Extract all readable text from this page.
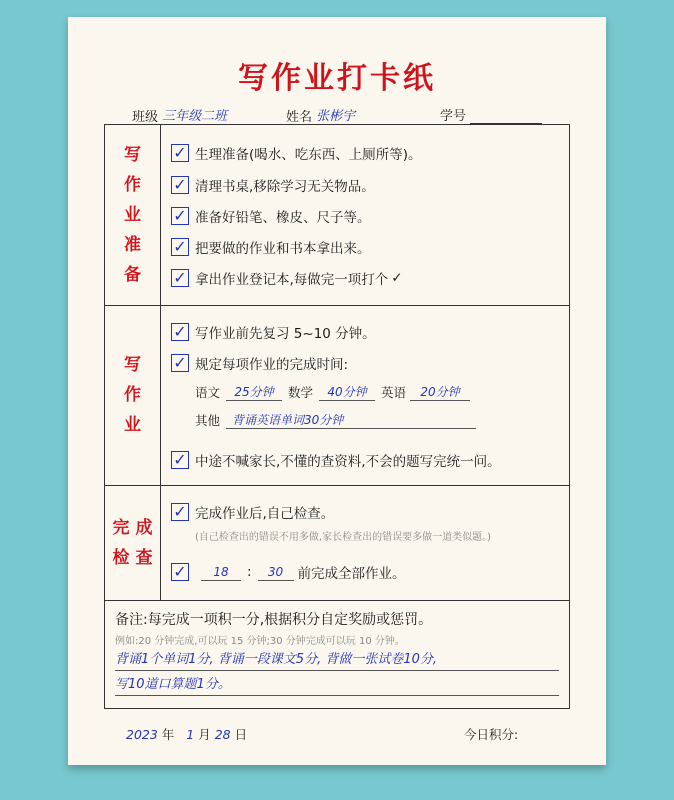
写作业打卡纸
班级 三年级二班	姓名 张彬宇	学号
写
作
业
准
备
✓ 生理准备(喝水、吃东西、上厕所等)。
✓ 清理书桌,移除学习无关物品。
✓ 准备好铅笔、橡皮、尺子等。
✓ 把要做的作业和书本拿出来。
✓ 拿出作业登记本,每做完一项打个 ✓
写
作
业
✓ 写作业前先复习 5~10 分钟。
✓ 规定每项作业的完成时间:
语文	25分钟	数学	40分钟	英语	20分钟
其他	背诵英语单词30分钟
✓ 中途不喊家长,不懂的查资料,不会的题写完统一问。
完 成
检 查
✓ 完成作业后,自己检查。
(自己检查出的错误不用多做,家长检查出的错误要多做一道类似题。)
✓	18	:	30	前完成全部作业。
备注:每完成一项积一分,根据积分自定奖励或惩罚。
例如:20 分钟完成,可以玩 15 分钟;30 分钟完成可以玩 10 分钟。
背诵1个单词1分, 背诵一段课文5分, 背做一张试卷10分,
写10道口算题1分。
2023 年 1 月 28 日	今日积分:
